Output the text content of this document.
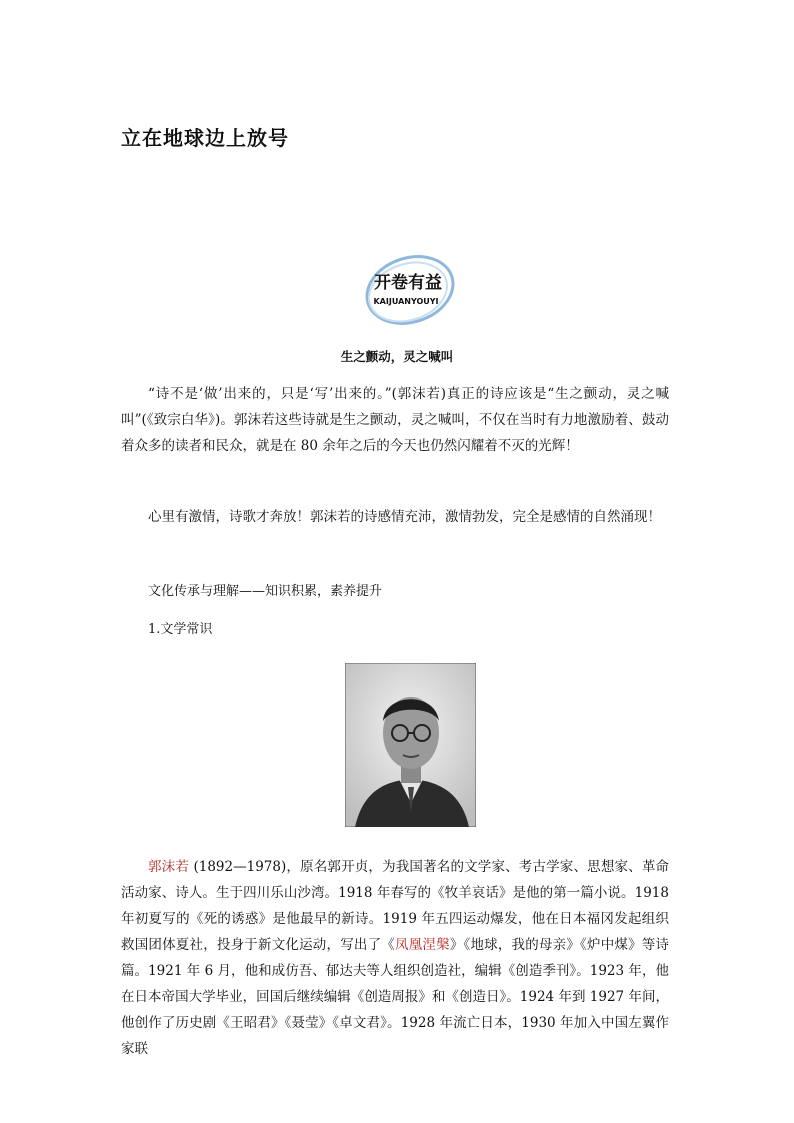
立在地球边上放号
开卷有益
KAIJUANYOUYI
生之颤动，灵之喊叫
“诗不是‘做’出来的，只是‘写’出来的。”(郭沫若)真正的诗应该是“生之颤动，灵之喊叫”(《致宗白华》)。郭沫若这些诗就是生之颤动，灵之喊叫，不仅在当时有力地激励着、鼓动着众多的读者和民众，就是在 80 余年之后的今天也仍然闪耀着不灭的光辉！
心里有激情，诗歌才奔放！郭沫若的诗感情充沛，激情勃发，完全是感情的自然涌现！
文化传承与理解——知识积累，素养提升
1.文学常识
郭沫若 (1892—1978)，原名郭开贞，为我国著名的文学家、考古学家、思想家、革命活动家、诗人。生于四川乐山沙湾。1918 年春写的《牧羊哀话》是他的第一篇小说。1918 年初夏写的《死的诱惑》是他最早的新诗。1919 年五四运动爆发，他在日本福冈发起组织救国团体夏社，投身于新文化运动，写出了《凤凰涅槃》《地球，我的母亲》《炉中煤》等诗篇。1921 年 6 月，他和成仿吾、郁达夫等人组织创造社，编辑《创造季刊》。1923 年，他在日本帝国大学毕业，回国后继续编辑《创造周报》和《创造日》。1924 年到 1927 年间，他创作了历史剧《王昭君》《聂莹》《卓文君》。1928 年流亡日本，1930 年加入中国左翼作家联
